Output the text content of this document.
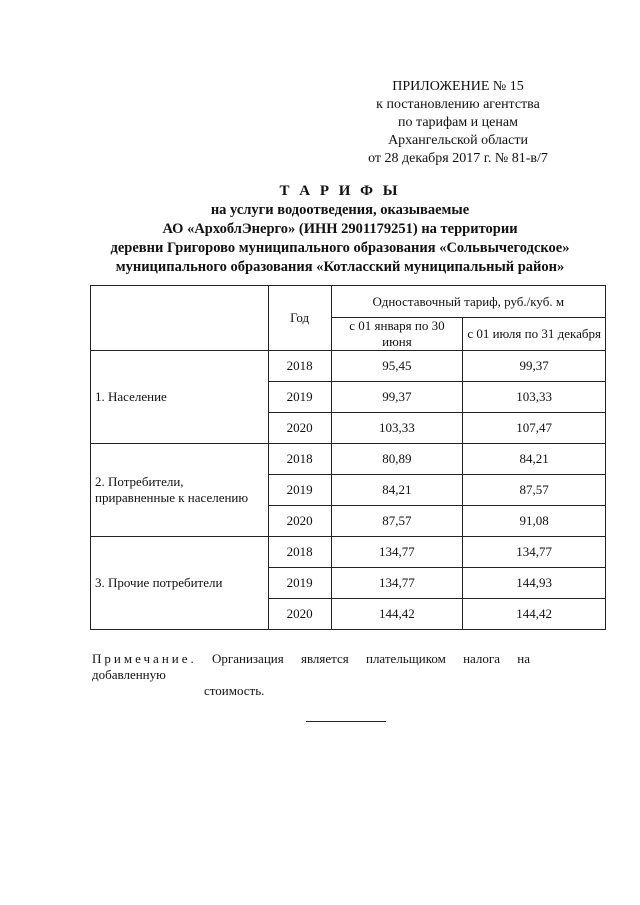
ПРИЛОЖЕНИЕ № 15
к постановлению агентства
по тарифам и ценам
Архангельской области
от 28 декабря 2017 г. № 81-в/7
Т А Р И Ф Ы
на услуги водоотведения, оказываемые
АО «АрхоблЭнерго» (ИНН 2901179251) на территории
деревни Григорово муниципального образования «Сольвычегодское»
муниципального образования «Котласский муниципальный район»
	Год	Одноставочный тариф, руб./куб. м	
		с 01 января по 30 июня	с 01 июля по 31 декабря
1. Население	2018	95,45	99,37
	2019	99,37	103,33
	2020	103,33	107,47
2. Потребители, приравненные к населению	2018	80,89	84,21
	2019	84,21	87,57
	2020	87,57	91,08
3. Прочие потребители	2018	134,77	134,77
	2019	134,77	144,93
	2020	144,42	144,42
Примечание. Организация является плательщиком налога на добавленную
стоимость.
